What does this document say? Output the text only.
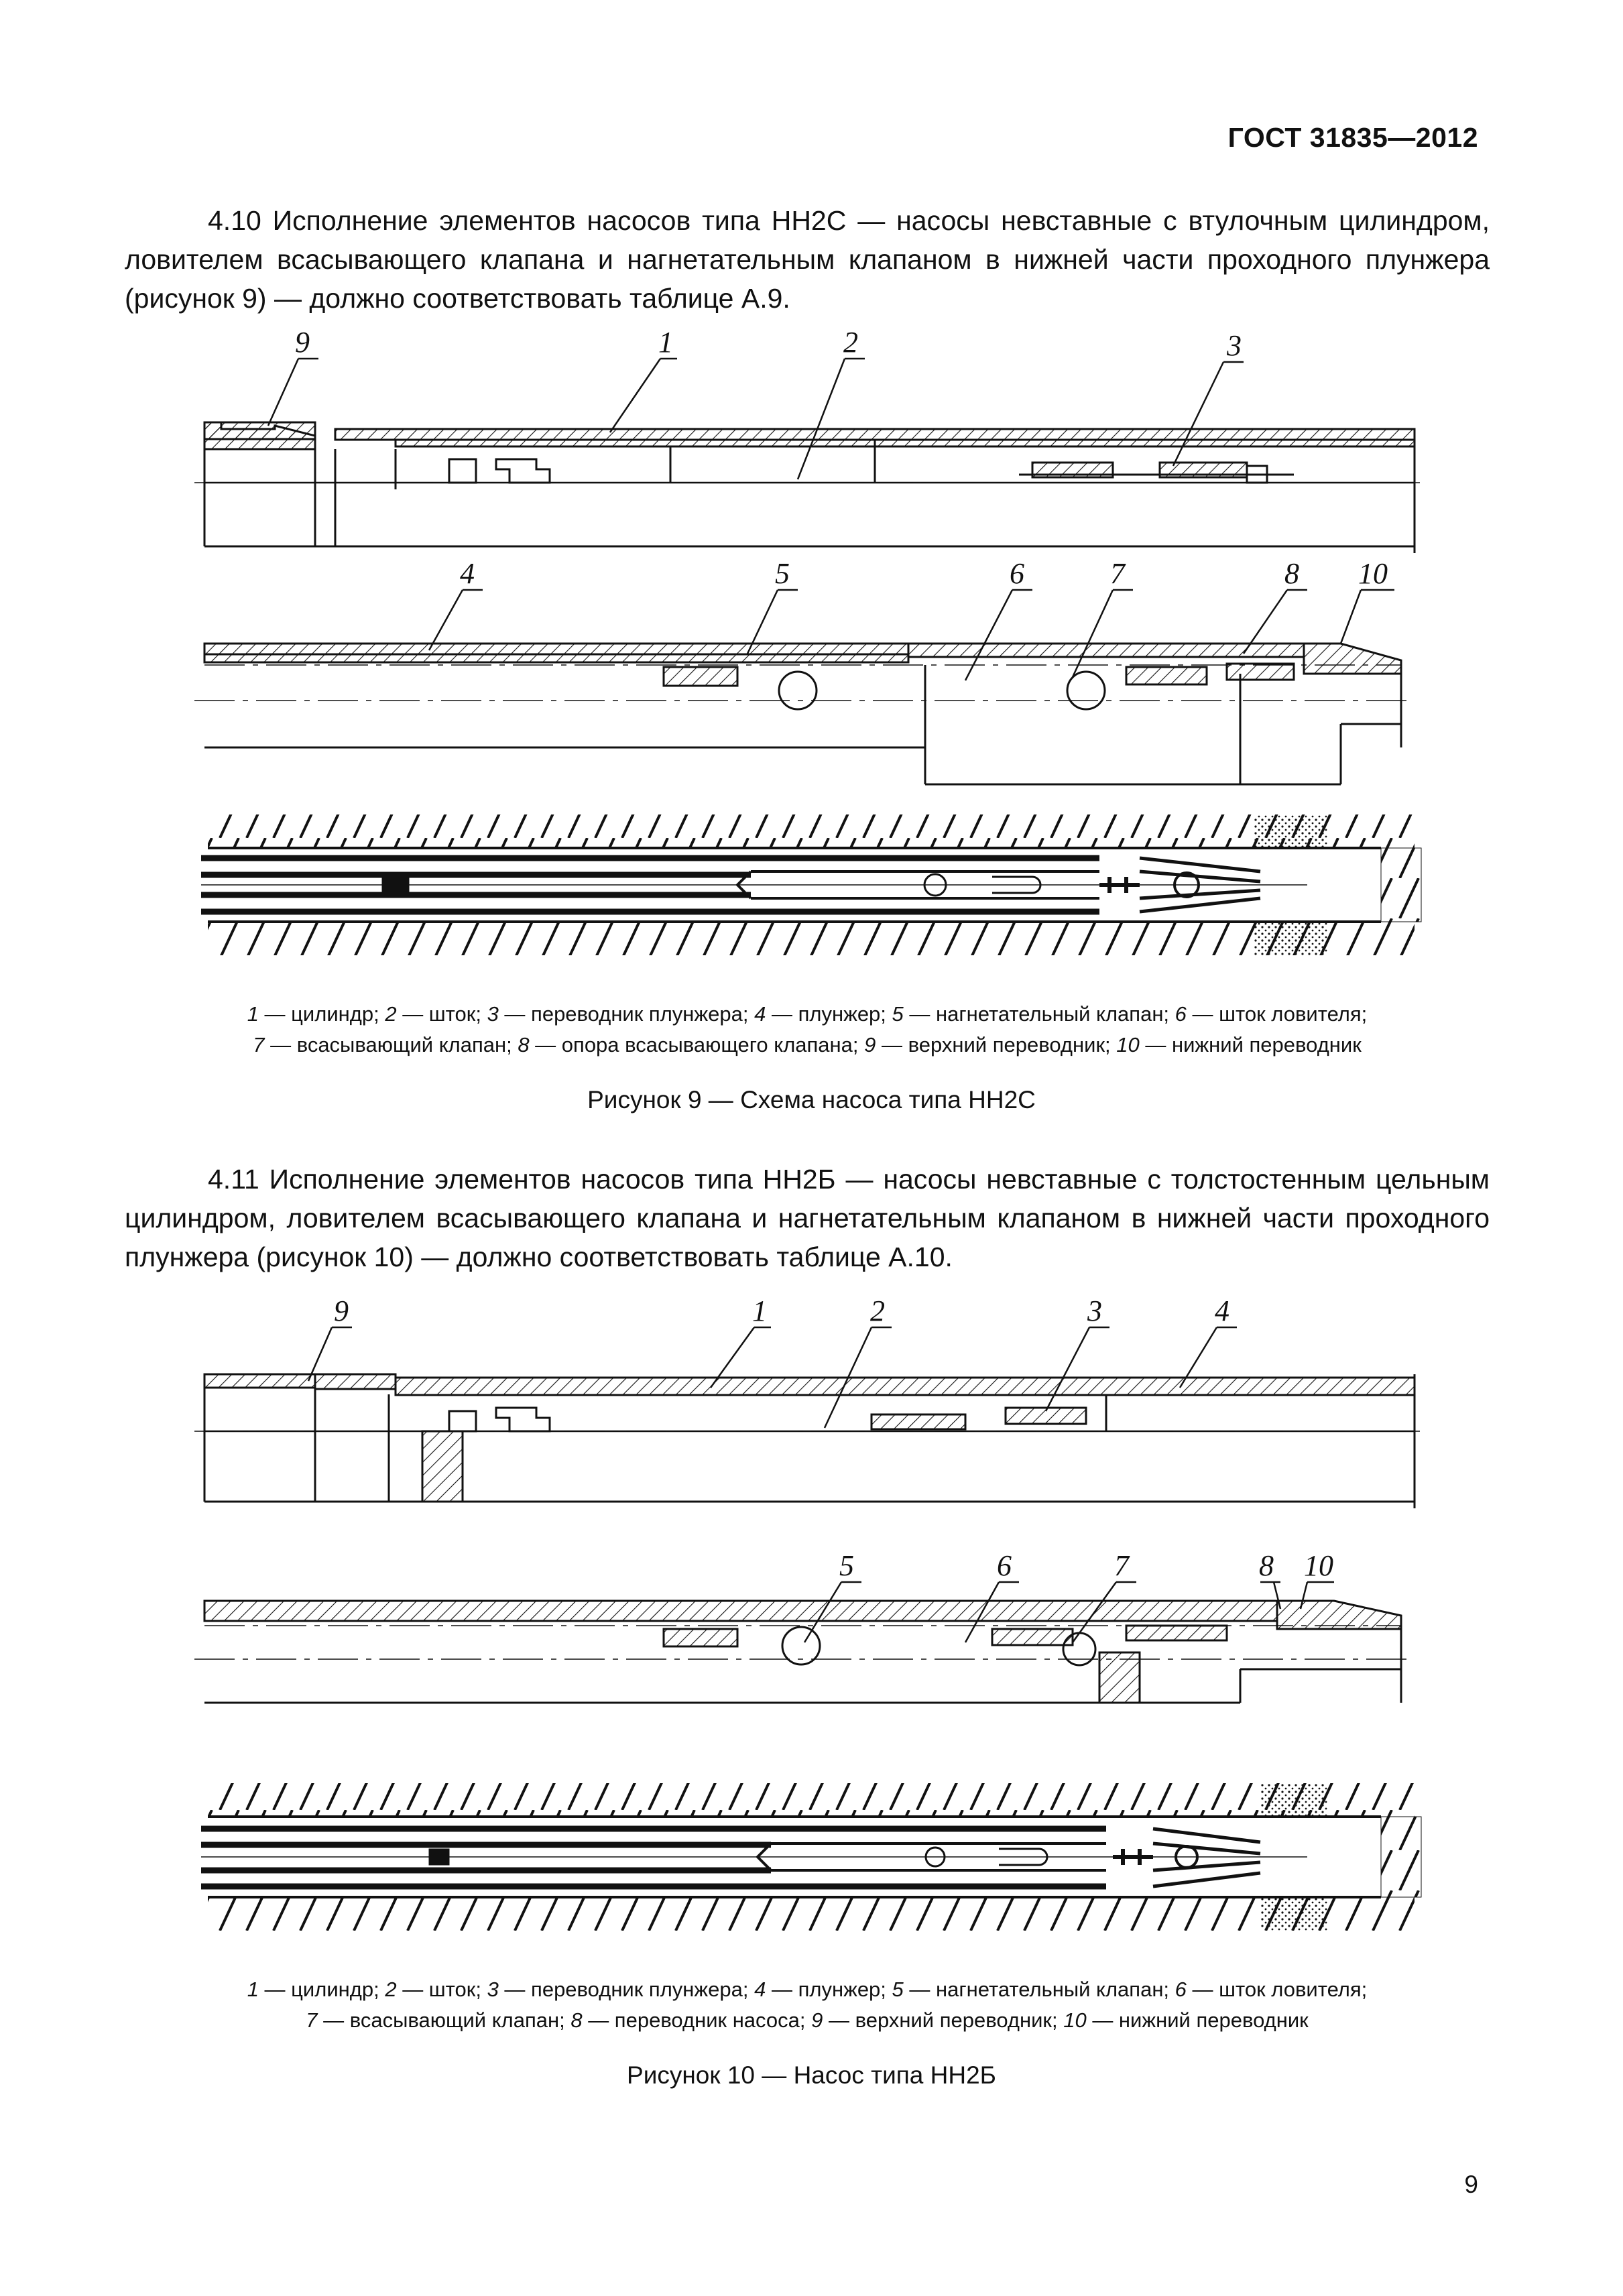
ГОСТ 31835—2012
4.10 Исполнение элементов насосов типа НН2С — насосы невставные с втулочным цилиндром, ловителем всасывающего клапана и нагнетательным клапаном в нижней части проходного плунжера (рисунок 9) — должно соответствовать таблице А.9.
9	1	2	3
4	5	6	7	8 10
1 — цилиндр; 2 — шток; 3 — переводник плунжера; 4 — плунжер; 5 — нагнетательный клапан; 6 — шток ловителя;
7 — всасывающий клапан; 8 — опора всасывающего клапана; 9 — верхний переводник; 10 — нижний переводник
Рисунок 9 — Схема насоса типа НН2С
4.11 Исполнение элементов насосов типа НН2Б — насосы невставные с толстостенным цельным цилиндром, ловителем всасывающего клапана и нагнетательным клапаном в нижней части проходного плунжера (рисунок 10) — должно соответствовать таблице А.10.
9	1	2	3	4
5	6	7	8 10
1 — цилиндр; 2 — шток; 3 — переводник плунжера; 4 — плунжер; 5 — нагнетательный клапан; 6 — шток ловителя;
7 — всасывающий клапан; 8 — переводник насоса; 9 — верхний переводник; 10 — нижний переводник
Рисунок 10 — Насос типа НН2Б
9
